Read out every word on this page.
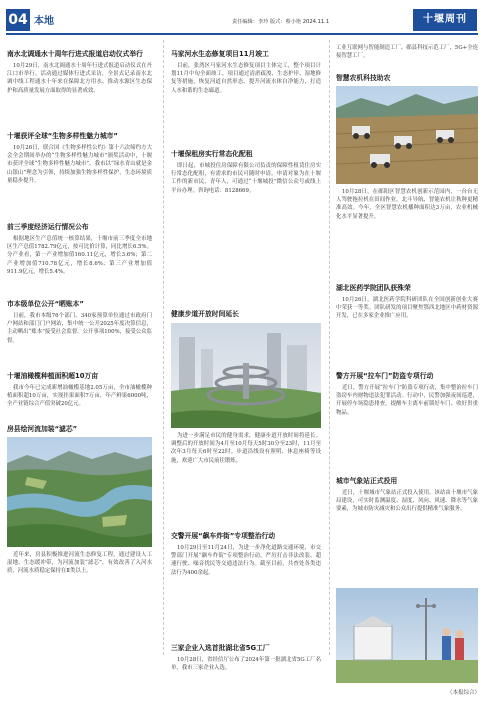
04 本地	责任编辑：李玲 版式：蔡小艳 2024.11.1	十堰周刊
南水北调通水十周年行进式报道启动仪式举行
10月29日，南水北调通水十周年行进式报道启动仪式在丹江口市举行。活动通过媒体行进式采访，全景式记录南水北调中线工程通水十年来在保障北方用水、推动水源区生态保护和高质量发展方面取得的显著成效。
十堰获评全球“生物多样性魅力城市”
10月26日，联合国《生物多样性公约》第十六次缔约方大会全会期间举办的“生物多样性魅力城市”颁奖活动中，十堰市获评全球“生物多样性魅力城市”。我市以“绿水青山就是金山银山”理念为引领，持续加强生物多样性保护，生态环境质量稳步提升。
前三季度经济运行情况公布
根据地区生产总值统一核算结果，十堰市前三季度全市地区生产总值1782.79亿元，按可比价计算，同比增长6.5%。分产业看，第一产业增加值160.11亿元，增长3.6%；第二产业增加值710.78亿元，增长8.6%；第三产业增加值911.9亿元，增长5.4%。
市本级单位公开“晒账本”
日前，我市本级76个部门、340家预算单位通过市政府门户网站和部门门户网站，集中统一公开2025年度决算信息，主动晒出“账本”接受社会监督。公开事项100%，接受公众监督。
十堰油橄榄种植面积超10万亩
我市今年已完成新增油橄榄基地2.05万亩，全市油橄榄种植面积超10万亩，实现挂果面积7万亩，年产鲜果6000吨，全产业链综合产值突破20亿元。
房县绘河流加装“滤芯”
近年来，房县积极推进河流生态修复工程，通过建设人工湿地、生态缓冲带，为河流加装“滤芯”，有效改善了入河水质，河流水质稳定保持在Ⅱ类以上。
马家河水生态修复项目11月竣工
目前，张湾区马家河水生态修复项目主体完工，整个项目计划11月中旬全面竣工。项目通过清淤疏浚、生态护岸、湿地修复等措施，恢复河道自然形态，提升河流水体自净能力，打造人水和谐的生态廊道。
十堰保租房实行常态化配租
即日起，市城投住房保障有限公司负责的保障性租赁住房实行常态化配租，有需求的市民可随时申请。申请对象为在十堰工作的新市民、青年人，可通过“十堰城投”微信公众号或线上平台办理。咨询电话：8128669。
健康步道开放时间延长
为进一步满足市民的健身需求，健康步道开放时间将延长。调整后的开放时间为4月至10月每天5时30分至23时，11月至次年3月每天6时至22时。步道沿线设有照明、休息座椅等设施，欢迎广大市民前往锻炼。
交警开展“飙车炸街”专项整治行动
10月29日至11月24日，为进一步净化道路交通环境，市交警部门开展“飙车炸街”专项整治行动，严厉打击非法改装、超速行驶、噪音扰民等交通违法行为。截至目前，共查处各类违法行为400余起。
三家企业入选首批湖北省5G工厂
10月28日，省经信厅公布了2024年第一批湖北省5G工厂名单，我市三家企业入选。
工业互联网与智能制造工厂、郧县科技示范工厂，5G+全连接智慧工厂。
智慧农机科技助农
10月28日，在郧阳区智慧农机创新示范园内，一台台无人驾驶拖拉机在田间作业，北斗导航、智能农机让秋种更精准高效。今年，全区智慧农机播种面积达3万亩，农业机械化水平显著提升。
湖北医药学院团队获殊荣
10月26日，湖北医药学院科研团队在全国创新创业大赛中荣获一等奖。团队研发的项目聚焦鄂西北地区中药材资源开发，已在多家企业推广应用。
警方开展“拉车门”防盗专项行动
近日，警方开展“拉车门”防盗专项行动，集中整治拉车门盗窃车内财物违法犯罪活动。行动中，民警加强夜间巡逻，开展停车场隐患排查，提醒车主离车前锁好车门、收好贵重物品。
城市气象站正式投用
近日，十堰城市气象站正式投入使用。该站由十堰市气象局建设，可实时监测温度、湿度、风向、风速、降水等气象要素，为城市防灾减灾和公众出行提供精准气象服务。
（本报综合）
